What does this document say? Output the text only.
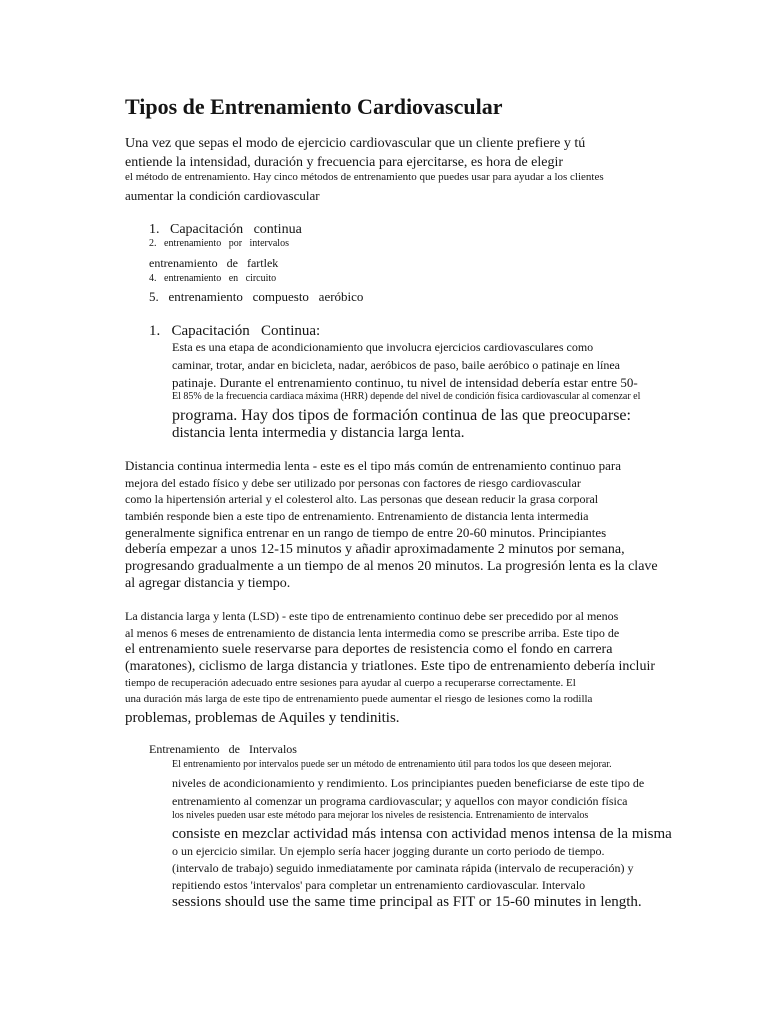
Tipos de Entrenamiento Cardiovascular
Una vez que sepas el modo de ejercicio cardiovascular que un cliente prefiere y tú
entiende la intensidad, duración y frecuencia para ejercitarse, es hora de elegir
el método de entrenamiento. Hay cinco métodos de entrenamiento que puedes usar para ayudar a los clientes
aumentar la condición cardiovascular
1.   Capacitación   continua
2.   entrenamiento   por   intervalos
entrenamiento   de   fartlek
4.   entrenamiento   en   circuito
5.   entrenamiento   compuesto   aeróbico
1.   Capacitación   Continua:
Esta es una etapa de acondicionamiento que involucra ejercicios cardiovasculares como
caminar, trotar, andar en bicicleta, nadar, aeróbicos de paso, baile aeróbico o patinaje en línea
patinaje. Durante el entrenamiento continuo, tu nivel de intensidad debería estar entre 50-
El 85% de la frecuencia cardiaca máxima (HRR) depende del nivel de condición física cardiovascular al comenzar el
programa. Hay dos tipos de formación continua de las que preocuparse:
distancia lenta intermedia y distancia larga lenta.
Distancia continua intermedia lenta - este es el tipo más común de entrenamiento continuo para
mejora del estado físico y debe ser utilizado por personas con factores de riesgo cardiovascular
como la hipertensión arterial y el colesterol alto. Las personas que desean reducir la grasa corporal
también responde bien a este tipo de entrenamiento. Entrenamiento de distancia lenta intermedia
generalmente significa entrenar en un rango de tiempo de entre 20-60 minutos. Principiantes
debería empezar a unos 12-15 minutos y añadir aproximadamente 2 minutos por semana,
progresando gradualmente a un tiempo de al menos 20 minutos. La progresión lenta es la clave
al agregar distancia y tiempo.
La distancia larga y lenta (LSD) - este tipo de entrenamiento continuo debe ser precedido por al menos
al menos 6 meses de entrenamiento de distancia lenta intermedia como se prescribe arriba. Este tipo de
el entrenamiento suele reservarse para deportes de resistencia como el fondo en carrera
(maratones), ciclismo de larga distancia y triatlones. Este tipo de entrenamiento debería incluir
tiempo de recuperación adecuado entre sesiones para ayudar al cuerpo a recuperarse correctamente. El
una duración más larga de este tipo de entrenamiento puede aumentar el riesgo de lesiones como la rodilla
problemas, problemas de Aquiles y tendinitis.
Entrenamiento   de   Intervalos
El entrenamiento por intervalos puede ser un método de entrenamiento útil para todos los que deseen mejorar.
niveles de acondicionamiento y rendimiento. Los principiantes pueden beneficiarse de este tipo de
entrenamiento al comenzar un programa cardiovascular; y aquellos con mayor condición física
los niveles pueden usar este método para mejorar los niveles de resistencia. Entrenamiento de intervalos
consiste en mezclar actividad más intensa con actividad menos intensa de la misma
o un ejercicio similar. Un ejemplo sería hacer jogging durante un corto periodo de tiempo.
(intervalo de trabajo) seguido inmediatamente por caminata rápida (intervalo de recuperación) y
repitiendo estos 'intervalos' para completar un entrenamiento cardiovascular. Intervalo
sessions should use the same time principal as FIT or 15-60 minutes in length.
